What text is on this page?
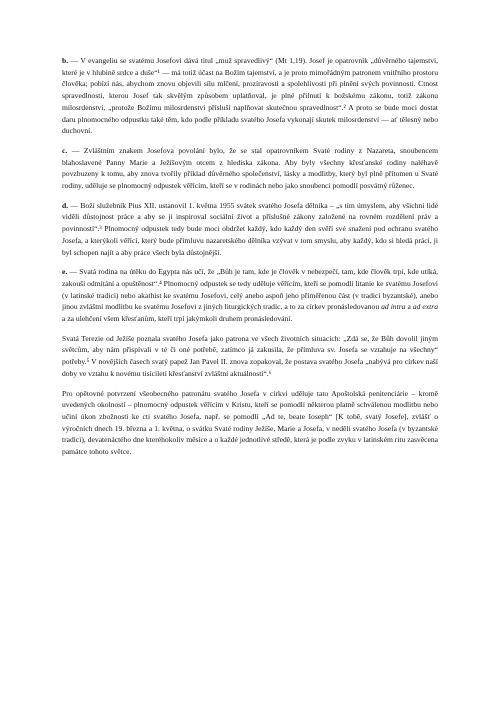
b. — V evangeliu se svatému Josefovi dává titul „muž spravedlivý“ (Mt 1,19). Josef je opatrovník „důvěrného tajemství, které je v hlubině srdce a duše“¹ — má totiž účast na Božím tajemství, a je proto mimořádným patronem vnitřního prostoru člověka; pobízí nás, abychom znovu objevili sílu mlčení, prozíravosti a spolehlivosti při plnění svých povinností. Ctnost spravedlnosti, kterou Josef tak skvělým způsobem uplatňoval, je plné přilnutí k božskému zákonu, totiž zákonu milosrdenství, „protože Božímu milosrdenství přísluší naplňovat skutečnou spravedlnost“.² A proto se bude moci dostat daru plnomocného odpustku také těm, kdo podle příkladu svatého Josefa vykonají skutek milosrdenství — ať tělesný nebo duchovní.

c. — Zvláštním znakem Josefova povolání bylo, že se stal opatrovníkem Svaté rodiny z Nazareta, snoubencem blahoslavené Panny Marie a Ježíšovým otcem z hlediska zákona. Aby byly všechny křesťanské rodiny naléhavě povzbuzeny k tomu, aby znova tvořily příklad důvěrného společenství, lásky a modlitby, který byl plně přítomen u Svaté rodiny, uděluje se plnomocný odpustek věřícím, kteří se v rodinách nebo jako snoubenci pomodlí posvátný růženec.

d. — Boží služebník Pius XII. ustanovil 1. května 1955 svátek svatého Josefa dělníka – „s tím úmyslem, aby všichni lidé viděli důstojnost práce a aby se ji inspiroval sociální život a příslušné zákony založené na rovném rozdělení práv a povinností“.³ Plnomocný odpustek tedy bude moci obdržet každý, kdo každý den svěří své snažení pod ochranu svatého Josefa, a kterýkoli věřící, který bude přímluvu nazaretského dělníka vzývat v tom smyslu, aby každý, kdo si hledá práci, ji byl schopen najít a aby práce všech byla důstojnější.

e. — Svatá rodina na útěku do Egypta nás učí, že „Bůh je tam, kde je člověk v nebezpečí, tam, kde člověk trpí, kde utíká, zakouší odmítání a opuštěnost“.⁴ Plnomocný odpustek se tedy uděluje věřícím, kteří se pomodlí litanie ke svatému Josefovi (v latinské tradici) nebo akathist ke svatému Josefovi, celý anebo aspoň jeho přiměřenou část (v tradici byzantské), anebo jinou zvláštní modlitbu ke svatému Josefovi z jiných liturgických tradic, a to za církev pronásledovanou ad intra a ad extra a za ulehčení všem křesťanům, kteří trpí jakýmkoli druhem pronásledování.

Svatá Terezie od Ježíše poznala svatého Josefa jako patrona ve všech životních situacích: „Zdá se, že Bůh dovolil jiným světcům, aby nám přispívali v té či oné potřebě, zatímco já zakusila, že přímluva sv. Josefa se vztahuje na všechny“ potřeby.⁵ V novějších časech svatý papež Jan Pavel II. znova zopakoval, že postava svatého Josefa „nabývá pro církev naší doby ve vztahu k novému tisíciletí křesťanství zvláštní aktuálnosti“.⁶

Pro opětovné potvrzení všeobecného patronátu svatého Josefa v církvi uděluje tato Apoštolská penitenciárie – kromě uvedených okolností – plnomocný odpustek věřícím v Kristu, kteří se pomodlí některou platně schválenou modlitbu nebo učiní úkon zbožnosti ke cti svatého Josefa, např. se pomodlí „Ad te, beate Ioseph“ [K tobě, svatý Josefe], zvlášť o výročních dnech 19. března a 1. května, o svátku Svaté rodiny Ježíše, Marie a Josefa, v neděli svatého Josefa (v byzantské tradici), devatenáctého dne kteréhokoliv měsíce a o každé jednotlivé středě, která je podle zvyku v latinském ritu zasvěcena památce tohoto světce.
